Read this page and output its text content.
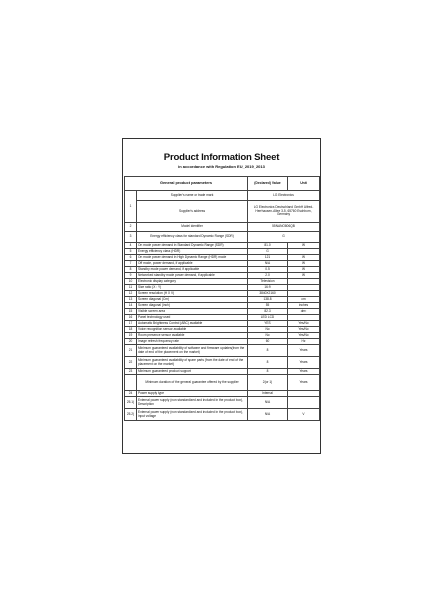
Product Information Sheet
in accordance with Regulation EU_2019_2013
General product parameters		(Declared) Value	Unit
1	Supplier's name or trade mark	LG Electronics	
	Supplier's address	LG Electronics Deutschland GmbH Alfred-Herrhausen-Allee 3-5, 65760 Eschborn, Germany	
2	Model identifier	55NANO806QB	
3	Energy efficiency class for standard Dynamic Range (SDR)	G	
4	On mode power demand in Standard Dynamic Range (SDR)	81.0	W
5	Energy efficiency class (HDR)	G	
6	On mode power demand in High Dynamic Range (HDR) mode	121	W
7	Off mode, power demand, if applicable	N/A	W
8	Standby mode power demand, if applicable	0.5	W
9	Networked standby mode power demand, if applicable	2.0	W
10	Electronic display category	Television	
11	Size ratio (X : Y)	16:9	
12	Screen resolution (H X V)	3840X2160	
13	Screen diagonal (Cm)	138.8	cm
14	Screen diagonal (inch)	55	inches
15	Visible screen area	82.3	dm²
16	Panel technology used	LED LCD	
17	Automatic Brightness Control (ABC) available	YES	Yes/No
18	Voice recognition sensor available	No	Yes/No
19	Room presence sensor available	No	Yes/No
20	Image refresh frequency rate	60	Hz
21	Minimum guaranteed availability of software and firmware updates(from the date of end of the placement on the market)	8	Years
22	Minimum guaranteed availability of spare parts (from the date of end of the placement on the market)	8	Years
23	Minimum guaranteed product support	8	Years
	Minimum duration of the general guarantee offered by the supplier	2(or 1)	Years
24	Power supply type	Internal	
25.1)	External power supply (non standardized and included in the product box), Description	N/A	
25.2)	External power supply (non standardized and included in the product box), input voltage	N/A	V
